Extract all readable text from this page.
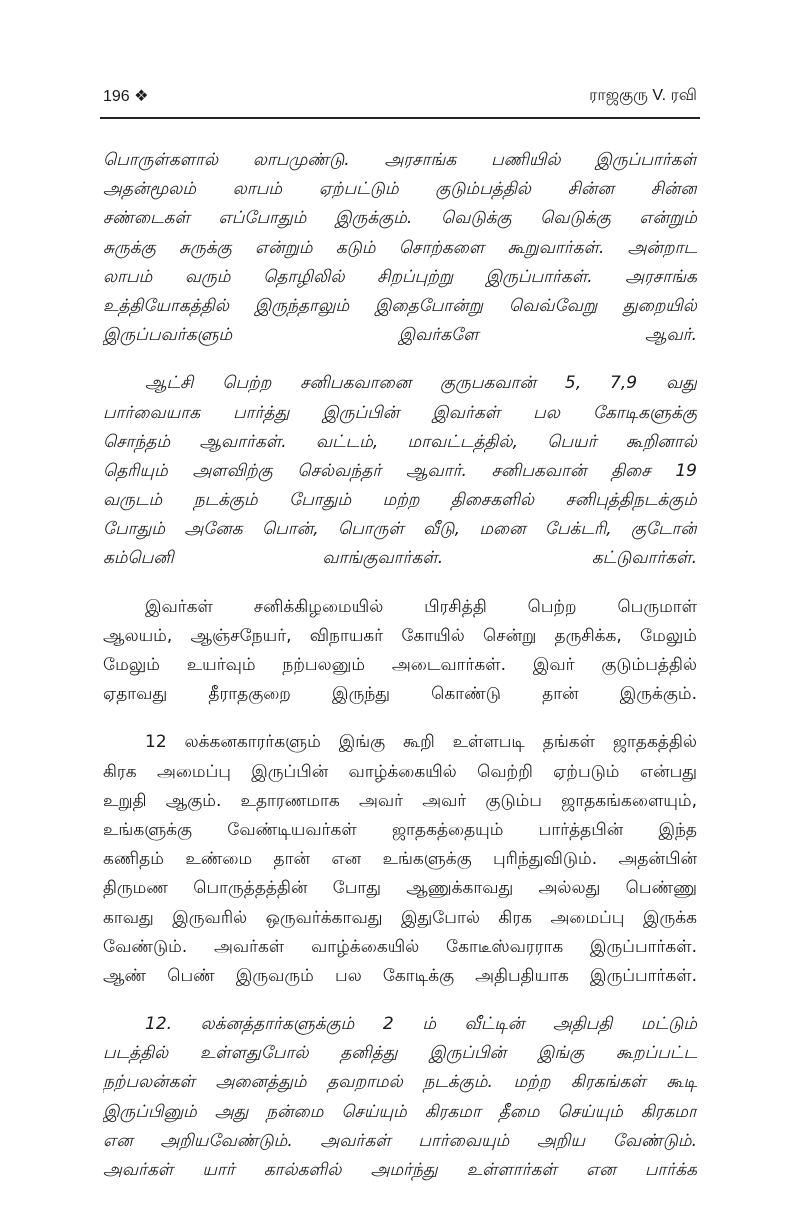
196 ❖	ராஜகுரு V. ரவி
பொருள்களால் லாபமுண்டு. அரசாங்க பணியில் இருப்பார்கள்
அதன்மூலம் லாபம் ஏற்பட்டும் குடும்பத்தில் சின்ன சின்ன
சண்டைகள் எப்போதும் இருக்கும். வெடுக்கு வெடுக்கு என்றும்
சுருக்கு சுருக்கு என்றும் கடும் சொற்களை கூறுவார்கள். அன்றாட
லாபம் வரும் தொழிலில் சிறப்புற்று இருப்பார்கள். அரசாங்க
உத்தியோகத்தில் இருந்தாலும் இதைபோன்று வெவ்வேறு துறையில்
இருப்பவர்களும் இவர்களே ஆவர்.
ஆட்சி பெற்ற சனிபகவானை குருபகவான் 5, 7,9 வது
பார்வையாக பார்த்து இருப்பின் இவர்கள் பல கோடிகளுக்கு
சொந்தம் ஆவார்கள். வட்டம், மாவட்டத்தில், பெயர் கூறினால்
தெரியும் அளவிற்கு செல்வந்தர் ஆவார். சனிபகவான் திசை 19
வருடம் நடக்கும் போதும் மற்ற திசைகளில் சனிபுத்திநடக்கும்
போதும் அனேக பொன், பொருள் வீடு, மனை பேக்டரி, குடோன்
கம்பெனி வாங்குவார்கள். கட்டுவார்கள்.
இவர்கள் சனிக்கிழமையில் பிரசித்தி பெற்ற பெருமாள்
ஆலயம், ஆஞ்சநேயர், விநாயகர் கோயில் சென்று தருசிக்க, மேலும்
மேலும் உயர்வும் நற்பலனும் அடைவார்கள். இவர் குடும்பத்தில்
ஏதாவது தீராதகுறை இருந்து கொண்டு தான் இருக்கும்.
12 லக்கனகாரர்களும் இங்கு கூறி உள்ளபடி தங்கள் ஜாதகத்தில்
கிரக அமைப்பு இருப்பின் வாழ்க்கையில் வெற்றி ஏற்படும் என்பது
உறுதி ஆகும். உதாரணமாக அவர் அவர் குடும்ப ஜாதகங்களையும்,
உங்களுக்கு வேண்டியவர்கள் ஜாதகத்தையும் பார்த்தபின் இந்த
கணிதம் உண்மை தான் என உங்களுக்கு புரிந்துவிடும். அதன்பின்
திருமண பொருத்தத்தின் போது ஆணுக்காவது அல்லது பெண்ணு
காவது இருவரில் ஒருவர்க்காவது இதுபோல் கிரக அமைப்பு இருக்க
வேண்டும். அவர்கள் வாழ்க்கையில் கோடீஸ்வரராக இருப்பார்கள்.
ஆண் பெண் இருவரும் பல கோடிக்கு அதிபதியாக இருப்பார்கள்.
12. லக்னத்தார்களுக்கும் 2 ம் வீட்டின் அதிபதி மட்டும்
படத்தில் உள்ளதுபோல் தனித்து இருப்பின் இங்கு கூறப்பட்ட
நற்பலன்கள் அனைத்தும் தவறாமல் நடக்கும். மற்ற கிரகங்கள் கூடி
இருப்பினும் அது நன்மை செய்யும் கிரகமா தீமை செய்யும் கிரகமா
என அறியவேண்டும். அவர்கள் பார்வையும் அறிய வேண்டும்.
அவர்கள் யார் கால்களில் அமர்ந்து உள்ளார்கள் என பார்க்க
